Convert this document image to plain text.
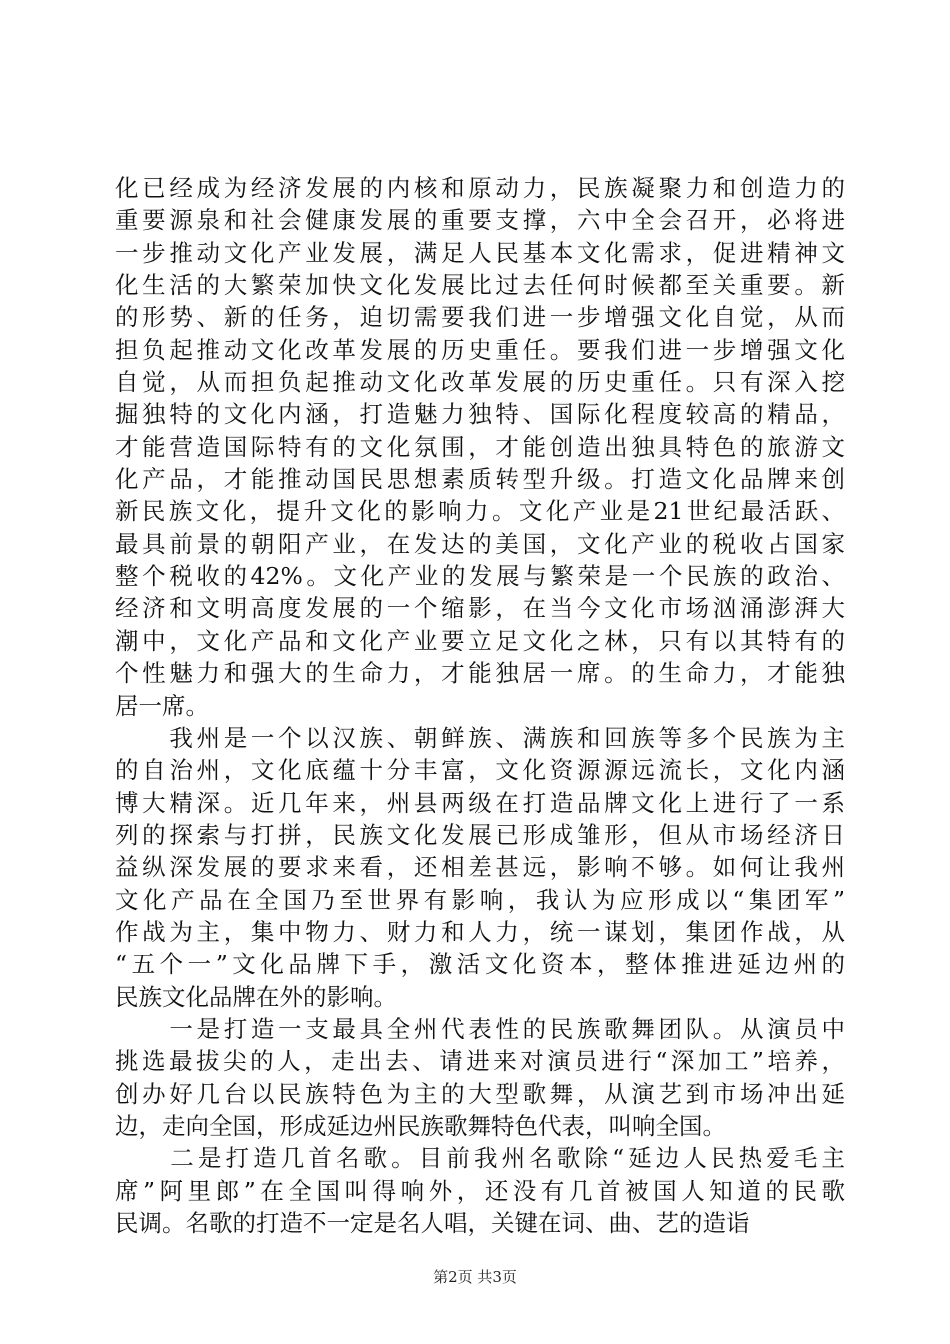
化已经成为经济发展的内核和原动力，民族凝聚力和创造力的
重要源泉和社会健康发展的重要支撑，六中全会召开，必将进
一步推动文化产业发展，满足人民基本文化需求，促进精神文
化生活的大繁荣加快文化发展比过去任何时候都至关重要。新
的形势、新的任务，迫切需要我们进一步增强文化自觉，从而
担负起推动文化改革发展的历史重任。要我们进一步增强文化
自觉，从而担负起推动文化改革发展的历史重任。只有深入挖
掘独特的文化内涵，打造魅力独特、国际化程度较高的精品，
才能营造国际特有的文化氛围，才能创造出独具特色的旅游文
化产品，才能推动国民思想素质转型升级。打造文化品牌来创
新民族文化，提升文化的影响力。文化产业是21世纪最活跃、
最具前景的朝阳产业，在发达的美国，文化产业的税收占国家
整个税收的42%。文化产业的发展与繁荣是一个民族的政治、
经济和文明高度发展的一个缩影，在当今文化市场汹涌澎湃大
潮中，文化产品和文化产业要立足文化之林，只有以其特有的
个性魅力和强大的生命力，才能独居一席。的生命力，才能独
居一席。
　　我州是一个以汉族、朝鲜族、满族和回族等多个民族为主
的自治州，文化底蕴十分丰富，文化资源源远流长，文化内涵
博大精深。近几年来，州县两级在打造品牌文化上进行了一系
列的探索与打拼，民族文化发展已形成雏形，但从市场经济日
益纵深发展的要求来看，还相差甚远，影响不够。如何让我州
文化产品在全国乃至世界有影响，我认为应形成以“集团军”
作战为主，集中物力、财力和人力，统一谋划，集团作战，从
“五个一”文化品牌下手，激活文化资本，整体推进延边州的
民族文化品牌在外的影响。
　　一是打造一支最具全州代表性的民族歌舞团队。从演员中
挑选最拔尖的人，走出去、请进来对演员进行“深加工”培养，
创办好几台以民族特色为主的大型歌舞，从演艺到市场冲出延
边，走向全国，形成延边州民族歌舞特色代表，叫响全国。
　　二是打造几首名歌。目前我州名歌除“延边人民热爱毛主
席”阿里郎”在全国叫得响外，还没有几首被国人知道的民歌
民调。名歌的打造不一定是名人唱，关键在词、曲、艺的造诣
第2页 共3页
